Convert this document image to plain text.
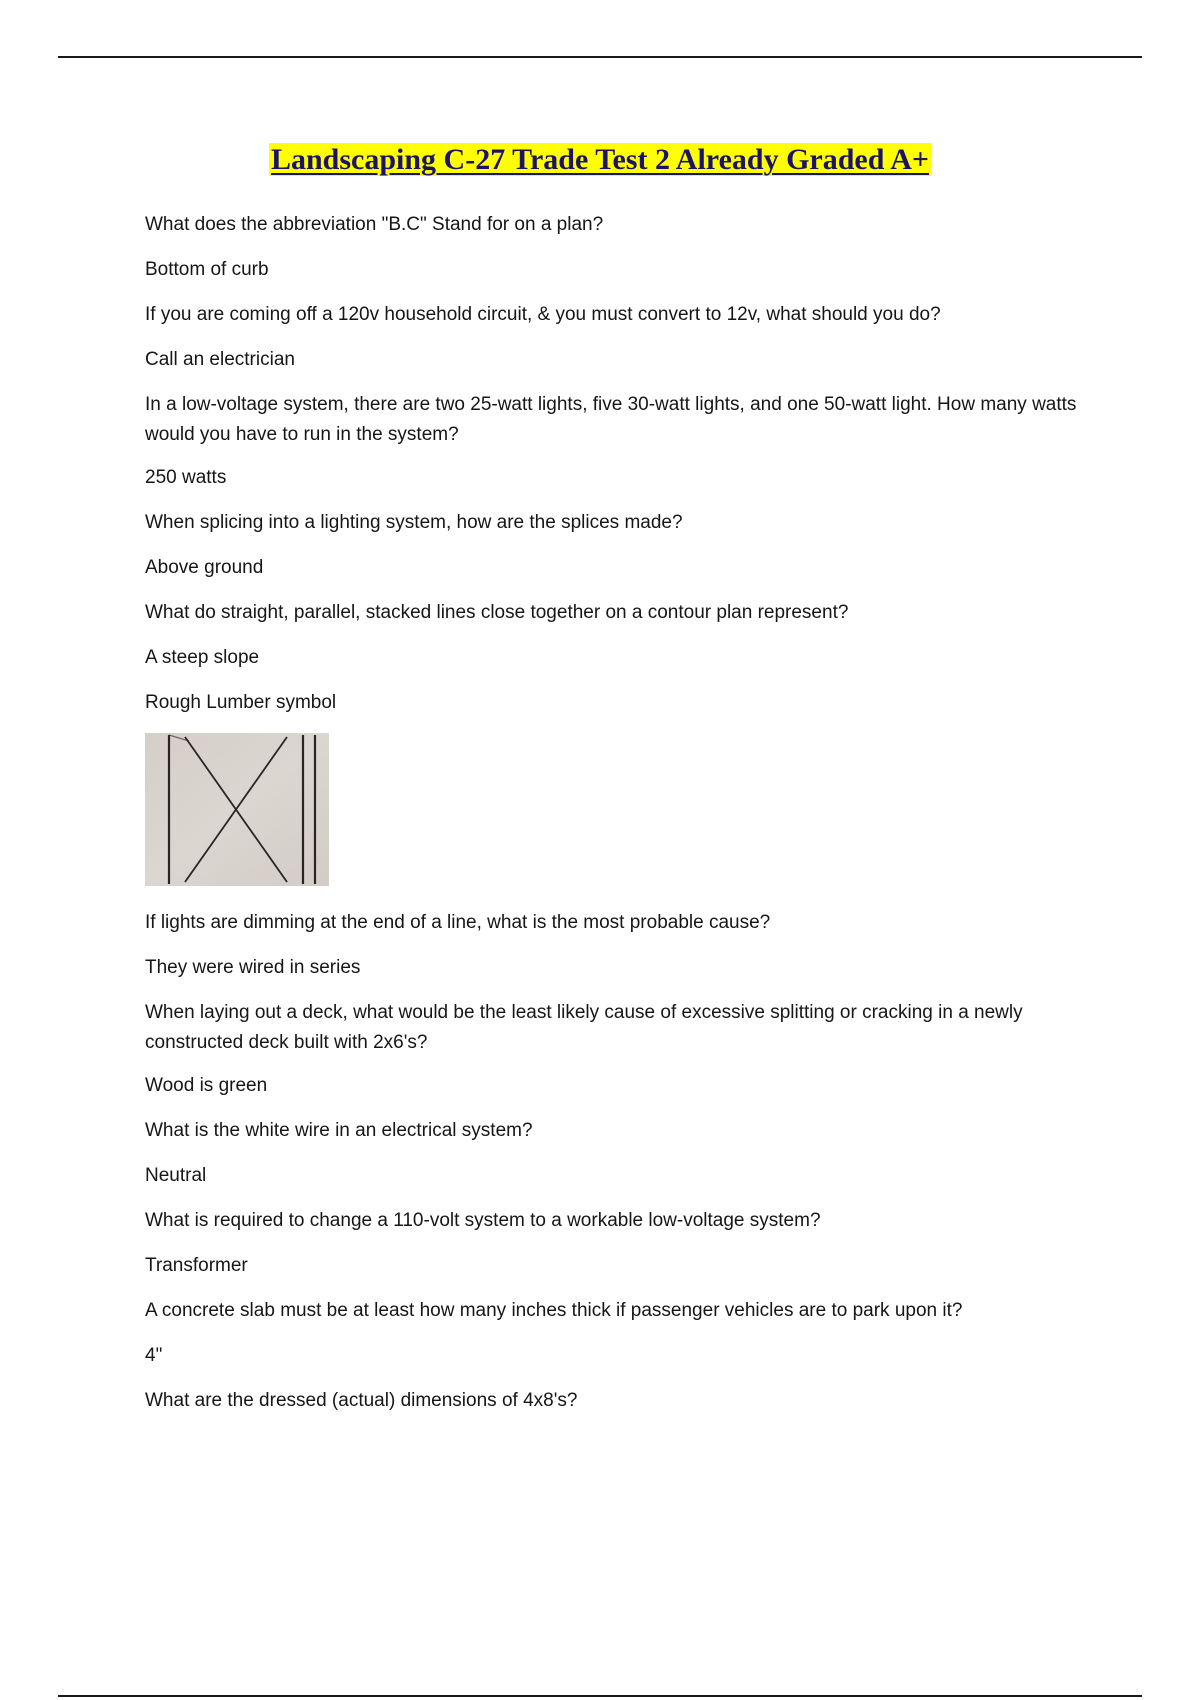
Landscaping C-27 Trade Test 2 Already Graded A+

What does the abbreviation "B.C" Stand for on a plan?

Bottom of curb

If you are coming off a 120v household circuit, & you must convert to 12v, what should you do?

Call an electrician

In a low-voltage system, there are two 25-watt lights, five 30-watt lights, and one 50-watt light. How many watts would you have to run in the system?

250 watts

When splicing into a lighting system, how are the splices made?

Above ground

What do straight, parallel, stacked lines close together on a contour plan represent?

A steep slope

Rough Lumber symbol

If lights are dimming at the end of a line, what is the most probable cause?

They were wired in series

When laying out a deck, what would be the least likely cause of excessive splitting or cracking in a newly constructed deck built with 2x6's?

Wood is green

What is the white wire in an electrical system?

Neutral

What is required to change a 110-volt system to a workable low-voltage system?

Transformer

A concrete slab must be at least how many inches thick if passenger vehicles are to park upon it?

4"

What are the dressed (actual) dimensions of 4x8's?
